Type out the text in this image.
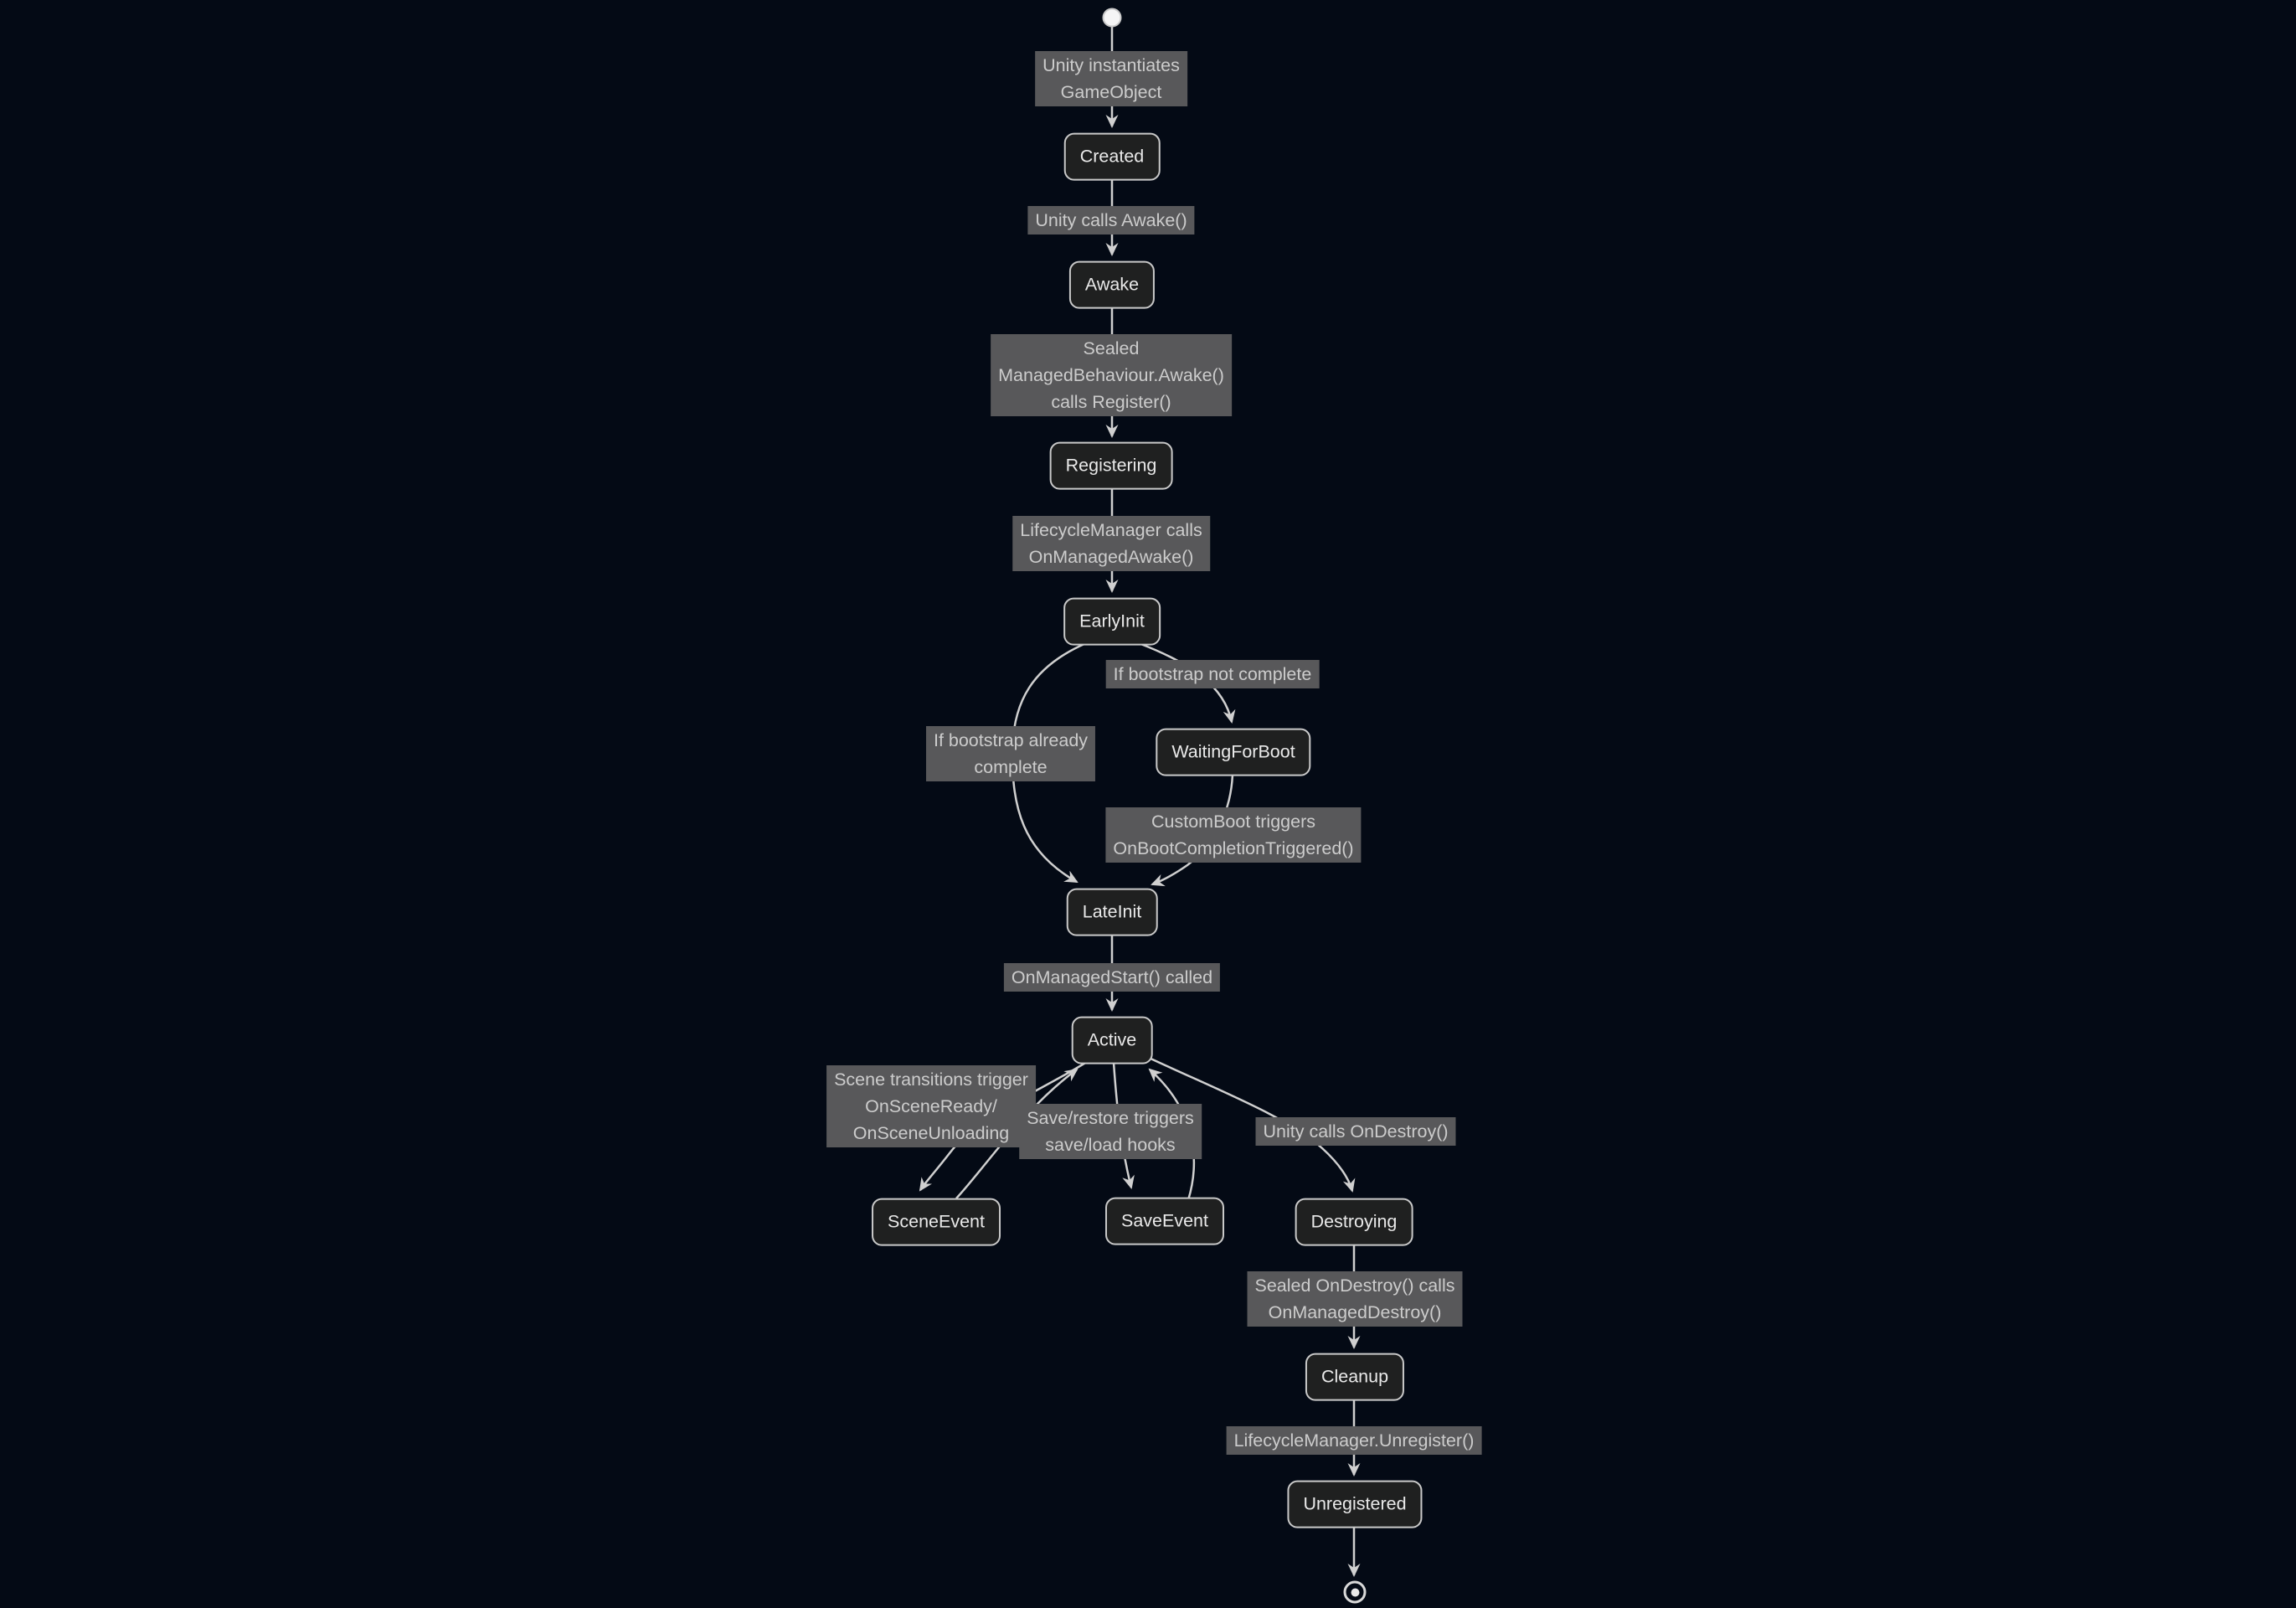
Unity instantiates
GameObject
Unity calls Awake()
Sealed
ManagedBehaviour.Awake()
calls Register()
LifecycleManager calls
OnManagedAwake()
If bootstrap not complete
If bootstrap already
complete
CustomBoot triggers
OnBootCompletionTriggered()
OnManagedStart() called
Scene transitions trigger
OnSceneReady/
OnSceneUnloading
Save/restore triggers
save/load hooks
Unity calls OnDestroy()
Sealed OnDestroy() calls
OnManagedDestroy()
LifecycleManager.Unregister()
Created
Awake
Registering
EarlyInit
WaitingForBoot
LateInit
Active
SceneEvent	SaveEvent	Destroying
Cleanup
Unregistered
